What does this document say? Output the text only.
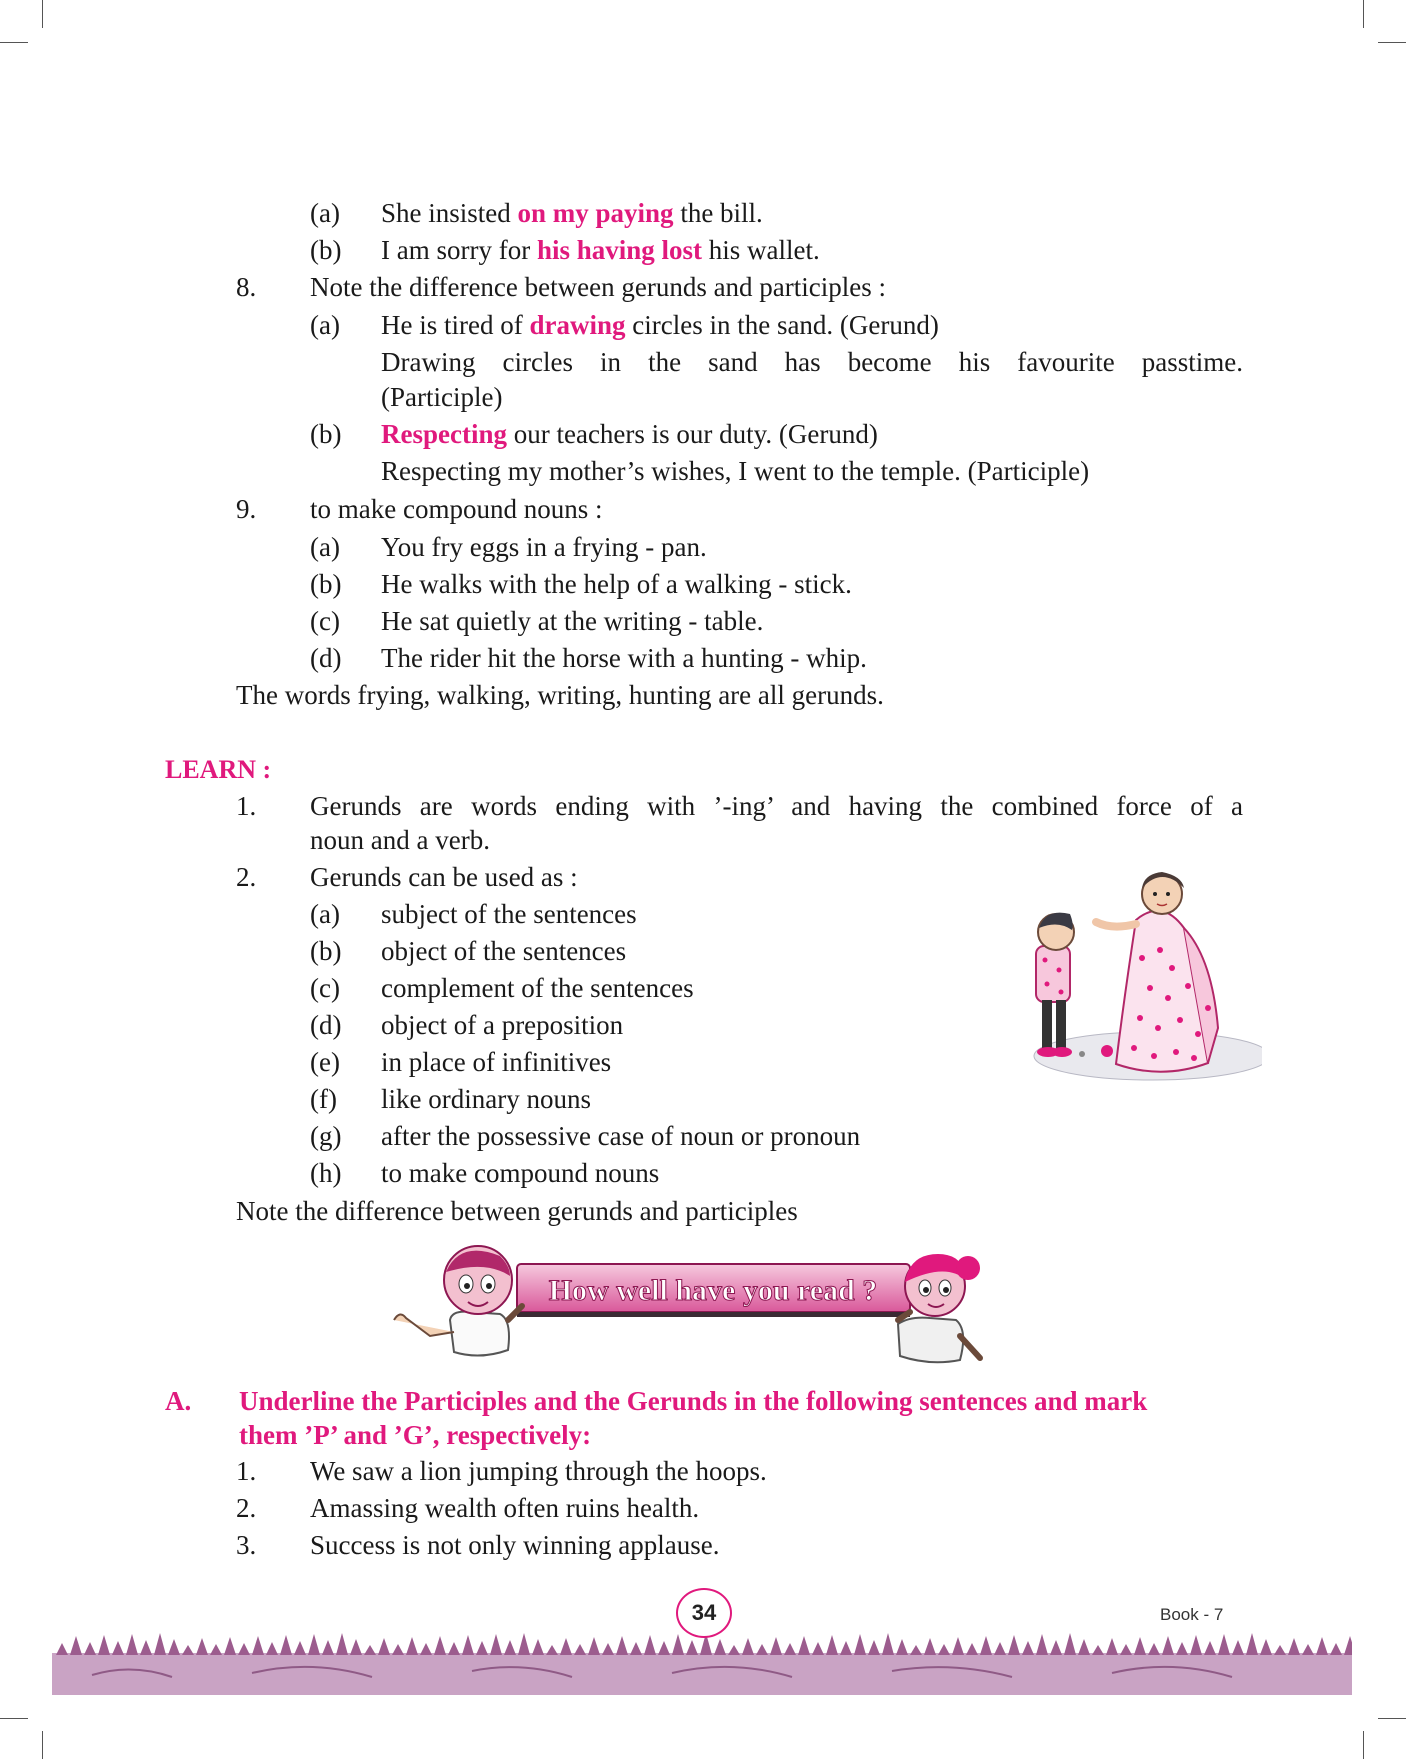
(a) She insisted on my paying the bill.
(b) I am sorry for his having lost his wallet.
8. Note the difference between gerunds and participles :
(a) He is tired of drawing circles in the sand. (Gerund)
Drawing circles in the sand has become his favourite passtime.
(Participle)
(b) Respecting our teachers is our duty. (Gerund)
Respecting my mother’s wishes, I went to the temple. (Participle)
9. to make compound nouns :
(a) You fry eggs in a frying - pan.
(b) He walks with the help of a walking - stick.
(c) He sat quietly at the writing - table.
(d) The rider hit the horse with a hunting - whip.
The words frying, walking, writing, hunting are all gerunds.
LEARN :
1. Gerunds are words ending with ’-ing’ and having the combined force of a
noun and a verb.
2. Gerunds can be used as :
(a) subject of the sentences
(b) object of the sentences
(c) complement of the sentences
(d) object of a preposition
(e) in place of infinitives
(f) like ordinary nouns
(g) after the possessive case of noun or pronoun
(h) to make compound nouns
Note the difference between gerunds and participles
How well have you read ?
A. Underline the Participles and the Gerunds in the following sentences and mark
them ’P’ and ’G’, respectively:
1. We saw a lion jumping through the hoops.
2. Amassing wealth often ruins health.
3. Success is not only winning applause.
34	Book - 7
